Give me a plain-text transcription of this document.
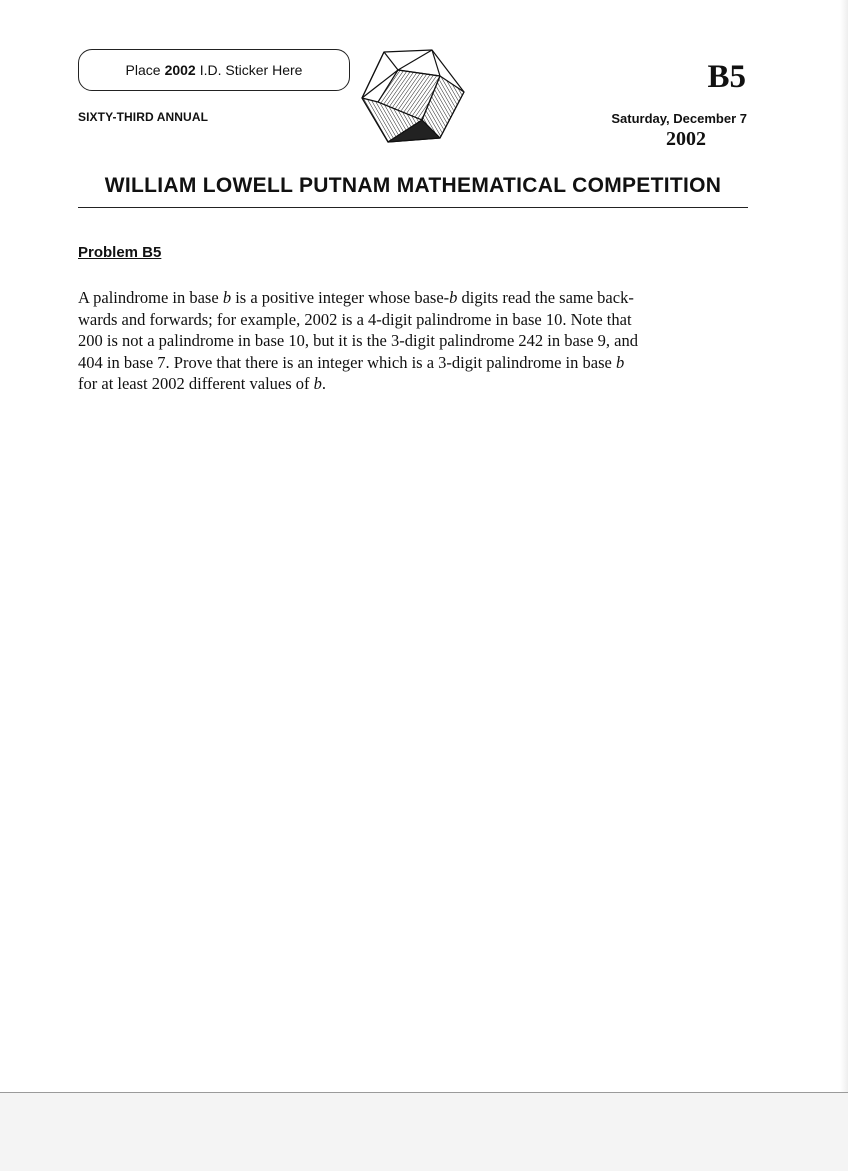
Place 2002 I.D. Sticker Here
SIXTY-THIRD ANNUAL
B5
Saturday, December 7
2002
WILLIAM LOWELL PUTNAM MATHEMATICAL COMPETITION
Problem B5
A palindrome in base b is a positive integer whose base-b digits read the same back-
wards and forwards; for example, 2002 is a 4-digit palindrome in base 10. Note that
200 is not a palindrome in base 10, but it is the 3-digit palindrome 242 in base 9, and
404 in base 7. Prove that there is an integer which is a 3-digit palindrome in base b
for at least 2002 different values of b.
